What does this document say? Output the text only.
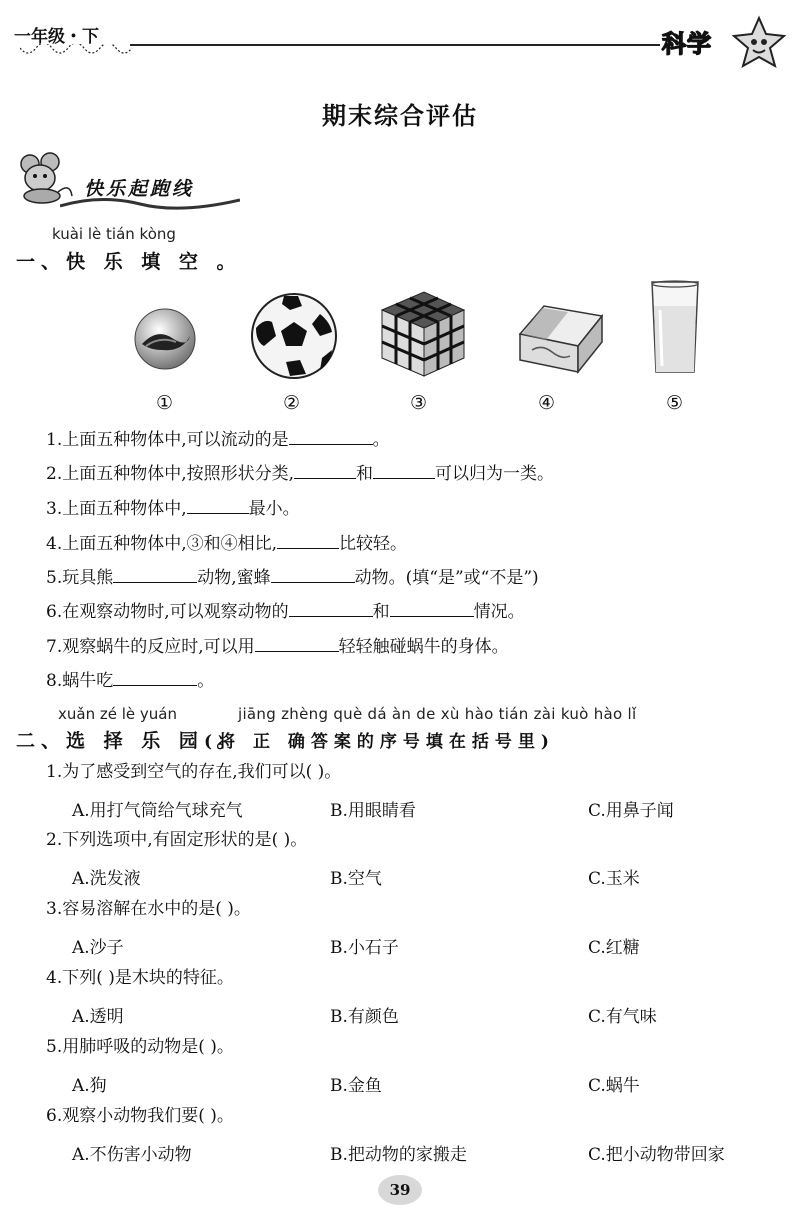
一年级・下	科学
期末综合评估
快乐起跑线
kuài lè tián kòng
一、快 乐 填 空 。
①	②	③	④	⑤
1.上面五种物体中,可以流动的是	。
2.上面五种物体中,按照形状分类,	和	可以归为一类。
3.上面五种物体中,	最小。
4.上面五种物体中,③和④相比,	比较轻。
5.玩具熊	动物,蜜蜂	动物。(填“是”或“不是”)
6.在观察动物时,可以观察动物的	和	情况。
7.观察蜗牛的反应时,可以用	轻轻触碰蜗牛的身体。
8.蜗牛吃	。
xuǎn zé lè yuán	jiāng zhèng què dá àn de xù hào tián zài kuò hào lǐ
二、选 择 乐 园 。
(将 正 确答案的序号填在括号里)
1.为了感受到空气的存在,我们可以( )。
A.用打气筒给气球充气	B.用眼睛看	C.用鼻子闻
2.下列选项中,有固定形状的是( )。
A.洗发液	B.空气	C.玉米
3.容易溶解在水中的是( )。
A.沙子	B.小石子	C.红糖
4.下列( )是木块的特征。
A.透明	B.有颜色	C.有气味
5.用肺呼吸的动物是( )。
A.狗	B.金鱼	C.蜗牛
6.观察小动物我们要( )。
A.不伤害小动物	B.把动物的家搬走	C.把小动物带回家
39
